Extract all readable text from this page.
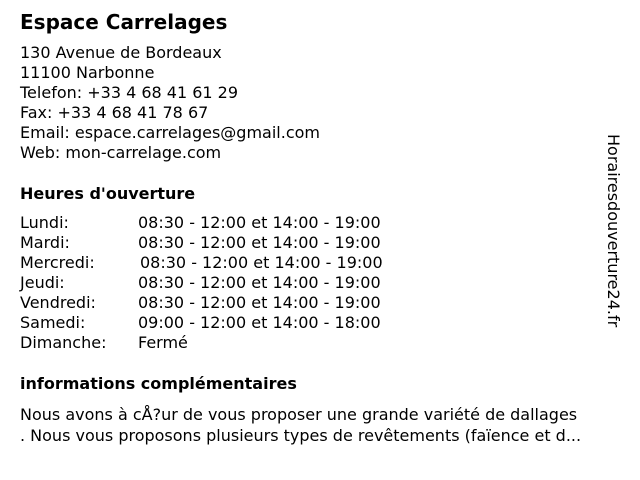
Espace Carrelages
130 Avenue de Bordeaux
11100 Narbonne
Telefon: +33 4 68 41 61 29
Fax: +33 4 68 41 78 67
Email: espace.carrelages@gmail.com
Web: mon-carrelage.com
Heures d'ouverture
Lundi:	08:30 - 12:00 et 14:00 - 19:00
Mardi:	08:30 - 12:00 et 14:00 - 19:00
Mercredi:	08:30 - 12:00 et 14:00 - 19:00
Jeudi:	08:30 - 12:00 et 14:00 - 19:00
Vendredi:	08:30 - 12:00 et 14:00 - 19:00
Samedi:	09:00 - 12:00 et 14:00 - 18:00
Dimanche: Fermé
informations complémentaires
Nous avons à cÅ?ur de vous proposer une grande variété de dallages
. Nous vous proposons plusieurs types de revêtements (faïence et d...
Horairesdouverture24.fr
